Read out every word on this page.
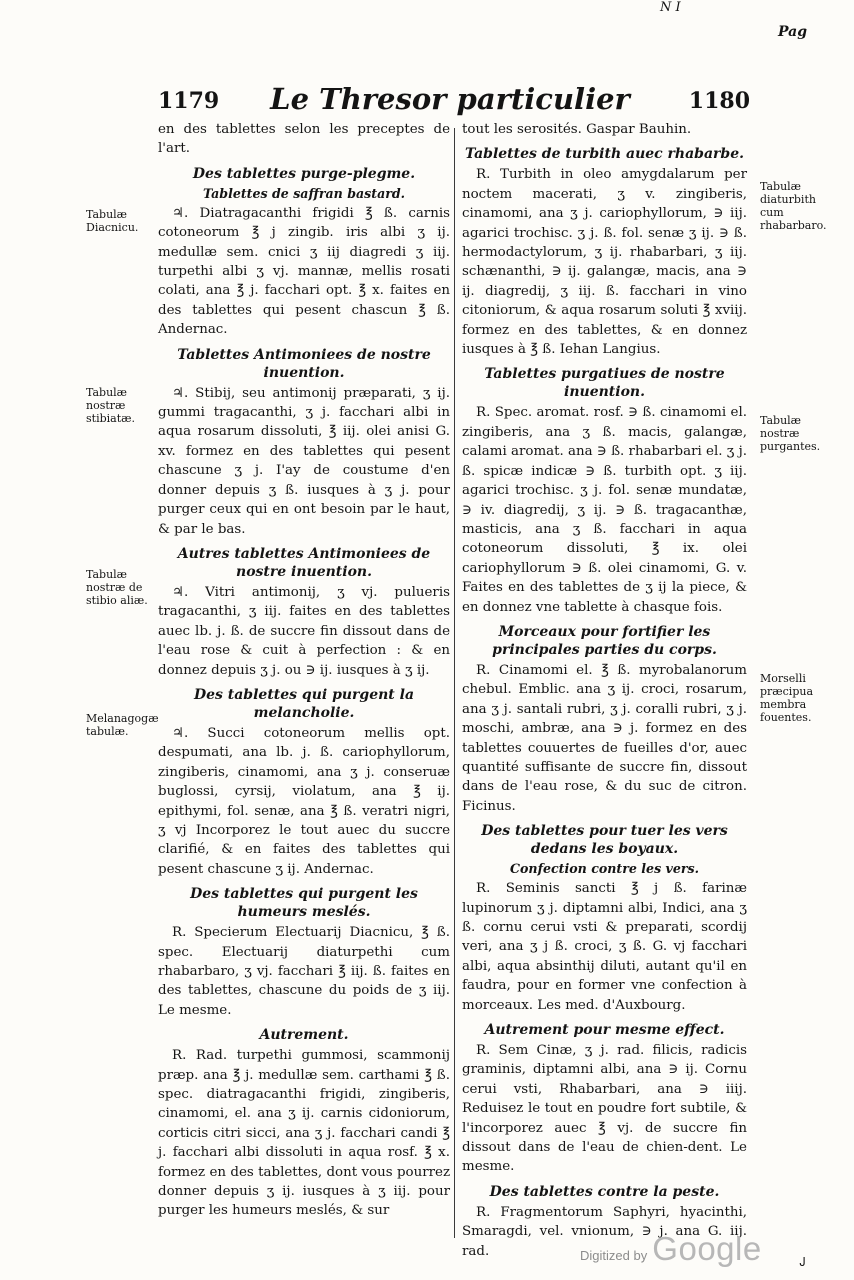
N I
Pag
1179	Le Thresor particulier	1180

en des tablettes selon les preceptes de l'art.

Des tablettes purge-plegme.
Tablettes de saffran bastard.

♃. Diatragacanthi frigidi ℥ ß. carnis cotoneorum ℥ j zingib. iris albi ʒ ij. medullæ sem. cnici ʒ iij diagredi ʒ iij. turpethi albi ʒ vj. mannæ, mellis rosati colati, ana ℥ j. facchari opt. ℥ x. faites en des tablettes qui pesent chascun ℥ ß. Andernac.

Tablettes Antimoniees de nostre inuention.

♃. Stibij, seu antimonij præparati, ʒ ij. gummi tragacanthi, ʒ j. facchari albi in aqua rosarum dissoluti, ℥ iij. olei anisi G. xv. formez en des tablettes qui pesent chascune ʒ j. I'ay de coustume d'en donner depuis ʒ ß. iusques à ʒ j. pour purger ceux qui en ont besoin par le haut, & par le bas.

Autres tablettes Antimoniees de nostre inuention.

♃. Vitri antimonij, ʒ vj. pulueris tragacanthi, ʒ iij. faites en des tablettes auec lb. j. ß. de succre fin dissout dans de l'eau rose & cuit à perfection : & en donnez depuis ʒ j. ou ∋ ij. iusques à ʒ ij.

Des tablettes qui purgent la melancholie.

♃. Succi cotoneorum mellis opt. despumati, ana lb. j. ß. cariophyllorum, zingiberis, cinamomi, ana ʒ j. conseruæ buglossi, cyrsij, violatum, ana ℥ ij. epithymi, fol. senæ, ana ℥ ß. veratri nigri, ʒ vj Incorporez le tout auec du succre clarifié, & en faites des tablettes qui pesent chascune ʒ ij. Andernac.

Des tablettes qui purgent les humeurs meslés.

R. Specierum Electuarij Diacnicu, ℥ ß. spec. Electuarij diaturpethi cum rhabarbaro, ʒ vj. facchari ℥ iij. ß. faites en des tablettes, chascune du poids de ʒ iij. Le mesme.

Autrement.

R. Rad. turpethi gummosi, scammonij præp. ana ℥ j. medullæ sem. carthami ℥ ß. spec. diatragacanthi frigidi, zingiberis, cinamomi, el. ana ʒ ij. carnis cidoniorum, corticis citri sicci, ana ʒ j. facchari candi ℥ j. facchari albi dissoluti in aqua rosf. ℥ x. formez en des tablettes, dont vous pourrez donner depuis ʒ ij. iusques à ʒ iij. pour purger les humeurs meslés, & sur

tout les serosités. Gaspar Bauhin.

Tablettes de turbith auec rhabarbe.

R. Turbith in oleo amygdalarum per noctem macerati, ʒ v. zingiberis, cinamomi, ana ʒ j. cariophyllorum, ∋ iij. agarici trochisc. ʒ j. ß. fol. senæ ʒ ij. ∋ ß. hermodactylorum, ʒ ij. rhabarbari, ʒ iij. schænanthi, ∋ ij. galangæ, macis, ana ∋ ij. diagredij, ʒ iij. ß. facchari in vino citoniorum, & aqua rosarum soluti ℥ xviij. formez en des tablettes, & en donnez iusques à ℥ ß. Iehan Langius.

Tablettes purgatiues de nostre inuention.

R. Spec. aromat. rosf. ∋ ß. cinamomi el. zingiberis, ana ʒ ß. macis, galangæ, calami aromat. ana ∋ ß. rhabarbari el. ʒ j. ß. spicæ indicæ ∋ ß. turbith opt. ʒ iij. agarici trochisc. ʒ j. fol. senæ mundatæ, ∋ iv. diagredij, ʒ ij. ∋ ß. tragacanthæ, masticis, ana ʒ ß. facchari in aqua cotoneorum dissoluti, ℥ ix. olei cariophyllorum ∋ ß. olei cinamomi, G. v. Faites en des tablettes de ʒ ij la piece, & en donnez vne tablette à chasque fois.

Morceaux pour fortifier les principales parties du corps.

R. Cinamomi el. ℥ ß. myrobalanorum chebul. Emblic. ana ʒ ij. croci, rosarum, ana ʒ j. santali rubri, ʒ j. coralli rubri, ʒ j. moschi, ambræ, ana ∋ j. formez en des tablettes couuertes de fueilles d'or, auec quantité suffisante de succre fin, dissout dans de l'eau rose, & du suc de citron. Ficinus.

Des tablettes pour tuer les vers dedans les boyaux.
Confection contre les vers.

R. Seminis sancti ℥ j ß. farinæ lupinorum ʒ j. diptamni albi, Indici, ana ʒ ß. cornu cerui vsti & preparati, scordij veri, ana ʒ j ß. croci, ʒ ß. G. vj facchari albi, aqua absinthij diluti, autant qu'il en faudra, pour en former vne confection à morceaux. Les med. d'Auxbourg.

Autrement pour mesme effect.

R. Sem Cinæ, ʒ j. rad. filicis, radicis graminis, diptamni albi, ana ∋ ij. Cornu cerui vsti, Rhabarbari, ana ∋ iiij. Reduisez le tout en poudre fort subtile, & l'incorporez auec ℥ vj. de succre fin dissout dans de l'eau de chien-dent. Le mesme.

Des tablettes contre la peste.

R. Fragmentorum Saphyri, hyacinthi, Smaragdi, vel. vnionum, ∋ j. ana G. iij. rad.

Tabulæ Diacnicu.
Tabulæ nostræ stibiatæ.
Tabulæ nostræ de stibio aliæ.
Melanagogæ tabulæ.
Tabulæ diaturbith cum rhabarbaro.
Tabulæ nostræ purgantes.
Morselli præcipua membra fouentes.
Digitized by Google	Ꭻ
